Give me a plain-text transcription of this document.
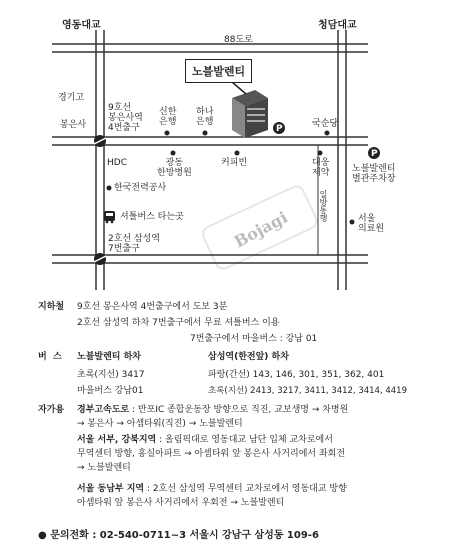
P
P
영동대교	청담대교
88도로
노블발렌티
경기고
봉은사
9호선
봉은사역
4번출구
신한
은행
하나
은행	국순당
HDC	광동
한방병원
커피빈	대웅
제약	노블발렌티
별관주차장
한국전력공사
셔틀버스 타는곳
2호선 삼성역
7번출구
서울
의료원
일방통행
Bojagi
지하철 9호선 봉은사역 4번출구에서 도보 3분
2호선 삼성역 하차 7번출구에서 무료 셔틀버스 이용
7번출구에서 마을버스 : 강남 01
버  스 노블발렌티 하차	삼성역(한전앞) 하차
초록(지선) 3417	파랑(간선) 143, 146, 301, 351, 362, 401
마을버스 강남01	초록(지선) 2413, 3217, 3411, 3412, 3414, 4419
자가용 경부고속도로 : 반포IC 종합운동장 방향으로 직진, 교보생명 → 차병원
→ 봉은사 → 아셈타워(직진) → 노블발렌티
서울 서부, 강북지역 : 올림픽대로 영동대교 남단 입체 교차로에서
무역센터 방향, 홍실아파트 → 아셈타워 앞 봉은사 사거리에서 좌회전
→ 노블발렌티
서울 동남부 지역 : 2호선 삼성역 무역센터 교차로에서 영동대교 방향
아셈타워 앞 봉은사 사거리에서 우회전 → 노블발렌티
● 문의전화 : 02-540-0711~3 서울시 강남구 삼성동 109-6
